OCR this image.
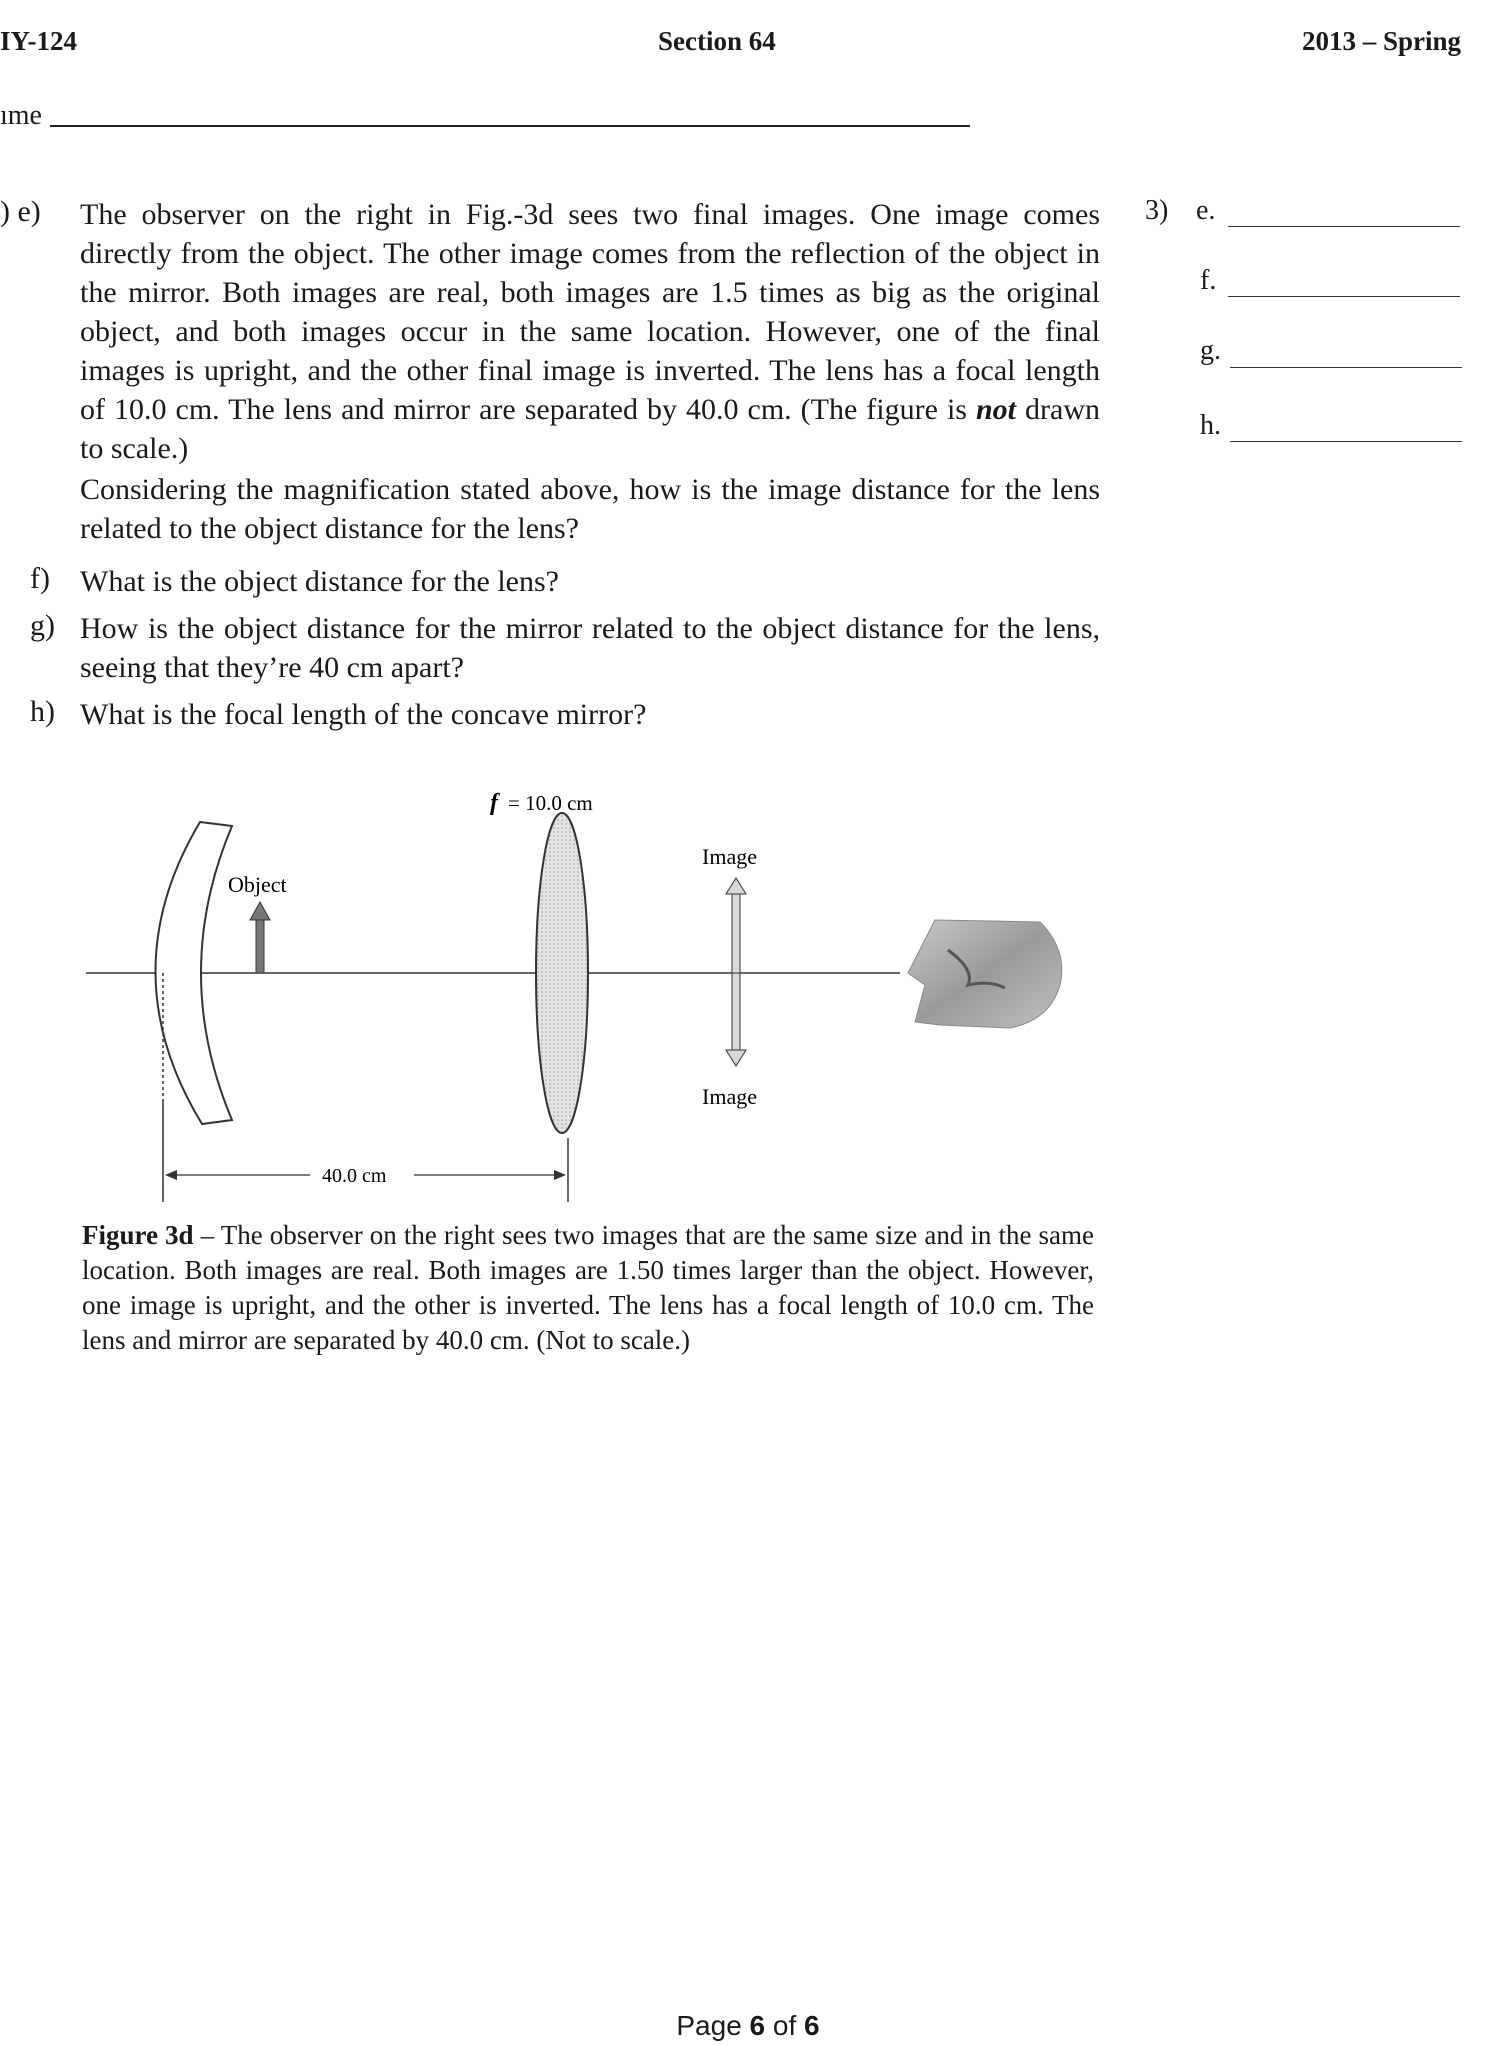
IY-124	Section 64	2013 – Spring
ıme
) e) The observer on the right in Fig.-3d sees two final images. One image comes directly from the object. The other image comes from the reflection of the object in the mirror. Both images are real, both images are 1.5 times as big as the original object, and both images occur in the same location. However, one of the final images is upright, and the other final image is inverted. The lens has a focal length of 10.0 cm. The lens and mirror are separated by 40.0 cm. (The figure is not drawn to scale.)
Considering the magnification stated above, how is the image distance for the lens related to the object distance for the lens?
f) What is the object distance for the lens?
g) How is the object distance for the mirror related to the object distance for the lens, seeing that they’re 40 cm apart?
h) What is the focal length of the concave mirror?
3) e.
f.
g.
h.
Object
f = 10.0 cm
Image
Image
40.0 cm
Figure 3d – The observer on the right sees two images that are the same size and in the same location. Both images are real. Both images are 1.50 times larger than the object. However, one image is upright, and the other is inverted. The lens has a focal length of 10.0 cm. The lens and mirror are separated by 40.0 cm. (Not to scale.)
Page 6 of 6
